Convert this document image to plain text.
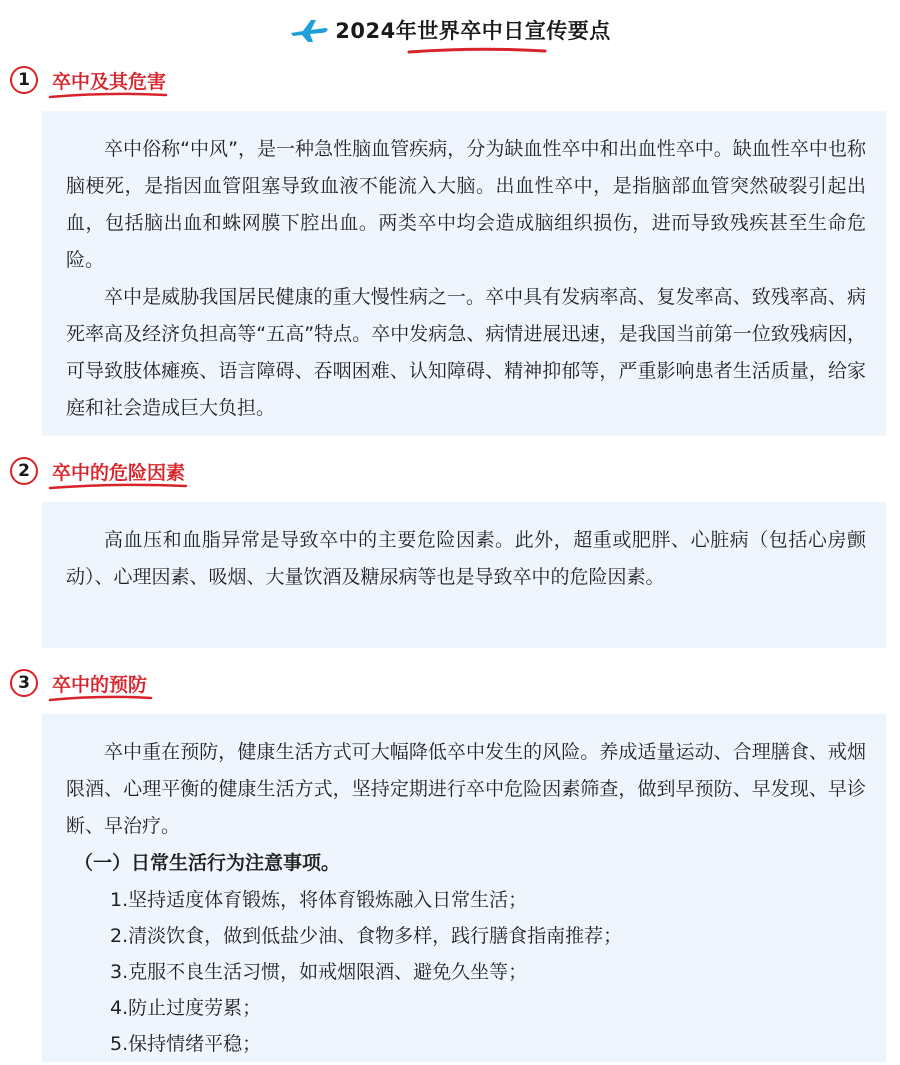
2024年世界卒中日宣传要点
1	卒中及其危害

卒中俗称“中风”，是一种急性脑血管疾病，分为缺血性卒中和出血性卒中。缺血性卒中也称脑梗死，是指因血管阻塞导致血液不能流入大脑。出血性卒中，是指脑部血管突然破裂引起出血，包括脑出血和蛛网膜下腔出血。两类卒中均会造成脑组织损伤，进而导致残疾甚至生命危险。

卒中是威胁我国居民健康的重大慢性病之一。卒中具有发病率高、复发率高、致残率高、病死率高及经济负担高等“五高”特点。卒中发病急、病情进展迅速，是我国当前第一位致残病因，可导致肢体瘫痪、语言障碍、吞咽困难、认知障碍、精神抑郁等，严重影响患者生活质量，给家庭和社会造成巨大负担。

2	卒中的危险因素

高血压和血脂异常是导致卒中的主要危险因素。此外，超重或肥胖、心脏病（包括心房颤动）、心理因素、吸烟、大量饮酒及糖尿病等也是导致卒中的危险因素。

3	卒中的预防

卒中重在预防，健康生活方式可大幅降低卒中发生的风险。养成适量运动、合理膳食、戒烟限酒、心理平衡的健康生活方式，坚持定期进行卒中危险因素筛查，做到早预防、早发现、早诊断、早治疗。

（一）日常生活行为注意事项。

1.坚持适度体育锻炼，将体育锻炼融入日常生活；
2.清淡饮食，做到低盐少油、食物多样，践行膳食指南推荐；
3.克服不良生活习惯，如戒烟限酒、避免久坐等；
4.防止过度劳累；
5.保持情绪平稳；
